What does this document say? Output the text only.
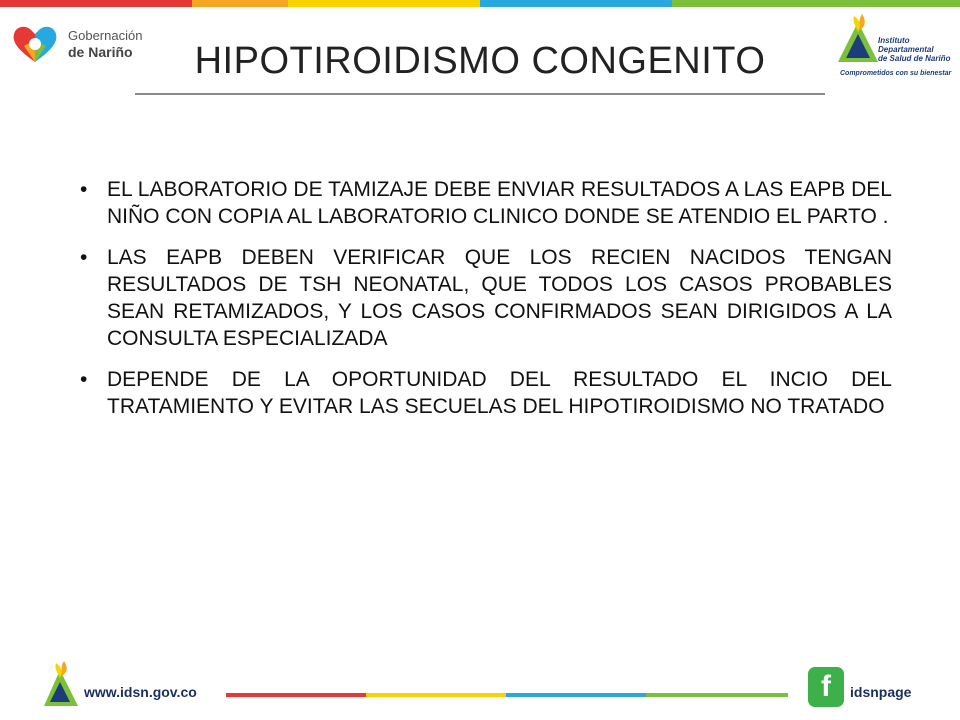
Gobernación
de Nariño	HIPOTIROIDISMO CONGENITO	Instituto
Departamental
de Salud de Nariño
Comprometidos con su bienestar
• EL LABORATORIO DE TAMIZAJE DEBE ENVIAR RESULTADOS A LAS EAPB DEL NIÑO CON COPIA AL LABORATORIO CLINICO DONDE SE ATENDIO EL PARTO .
• LAS EAPB DEBEN VERIFICAR QUE LOS RECIEN NACIDOS TENGAN RESULTADOS DE TSH NEONATAL, QUE TODOS LOS CASOS PROBABLES SEAN RETAMIZADOS, Y LOS CASOS CONFIRMADOS SEAN DIRIGIDOS A LA CONSULTA ESPECIALIZADA
• DEPENDE DE LA OPORTUNIDAD DEL RESULTADO EL INCIO DEL TRATAMIENTO Y EVITAR LAS SECUELAS DEL HIPOTIROIDISMO NO TRATADO
www.idsn.gov.co	f	idsnpage
